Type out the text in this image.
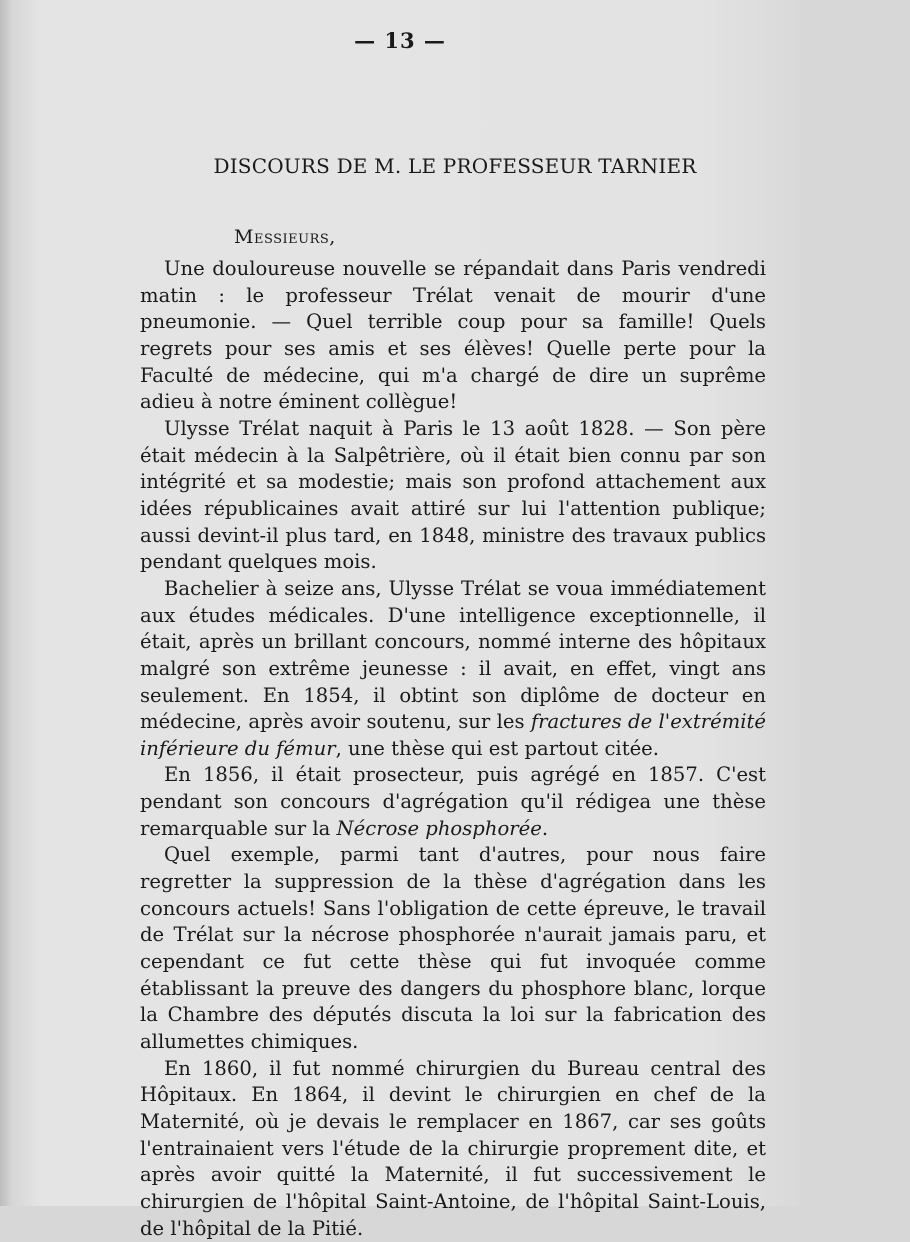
— 13 —
DISCOURS DE M. LE PROFESSEUR TARNIER
Messieurs,

Une douloureuse nouvelle se répandait dans Paris vendredi matin : le professeur Trélat venait de mourir d'une pneumonie. — Quel terrible coup pour sa famille! Quels regrets pour ses amis et ses élèves! Quelle perte pour la Faculté de médecine, qui m'a chargé de dire un suprême adieu à notre éminent collègue!

Ulysse Trélat naquit à Paris le 13 août 1828. — Son père était médecin à la Salpêtrière, où il était bien connu par son intégrité et sa modestie; mais son profond attachement aux idées républicaines avait attiré sur lui l'attention publique; aussi devint-il plus tard, en 1848, ministre des travaux publics pendant quelques mois.

Bachelier à seize ans, Ulysse Trélat se voua immédiatement aux études médicales. D'une intelligence exceptionnelle, il était, après un brillant concours, nommé interne des hôpitaux malgré son extrême jeunesse : il avait, en effet, vingt ans seulement. En 1854, il obtint son diplôme de docteur en médecine, après avoir soutenu, sur les fractures de l'extrémité inférieure du fémur, une thèse qui est partout citée.

En 1856, il était prosecteur, puis agrégé en 1857. C'est pendant son concours d'agrégation qu'il rédigea une thèse remarquable sur la Nécrose phosphorée.

Quel exemple, parmi tant d'autres, pour nous faire regretter la suppression de la thèse d'agrégation dans les concours actuels! Sans l'obligation de cette épreuve, le travail de Trélat sur la nécrose phosphorée n'aurait jamais paru, et cependant ce fut cette thèse qui fut invoquée comme établissant la preuve des dangers du phosphore blanc, lorque la Chambre des députés discuta la loi sur la fabrication des allumettes chimiques.

En 1860, il fut nommé chirurgien du Bureau central des Hôpitaux. En 1864, il devint le chirurgien en chef de la Maternité, où je devais le remplacer en 1867, car ses goûts l'entrainaient vers l'étude de la chirurgie proprement dite, et après avoir quitté la Maternité, il fut successivement le chirurgien de l'hôpital Saint-Antoine, de l'hôpital Saint-Louis, de l'hôpital de la Pitié.
